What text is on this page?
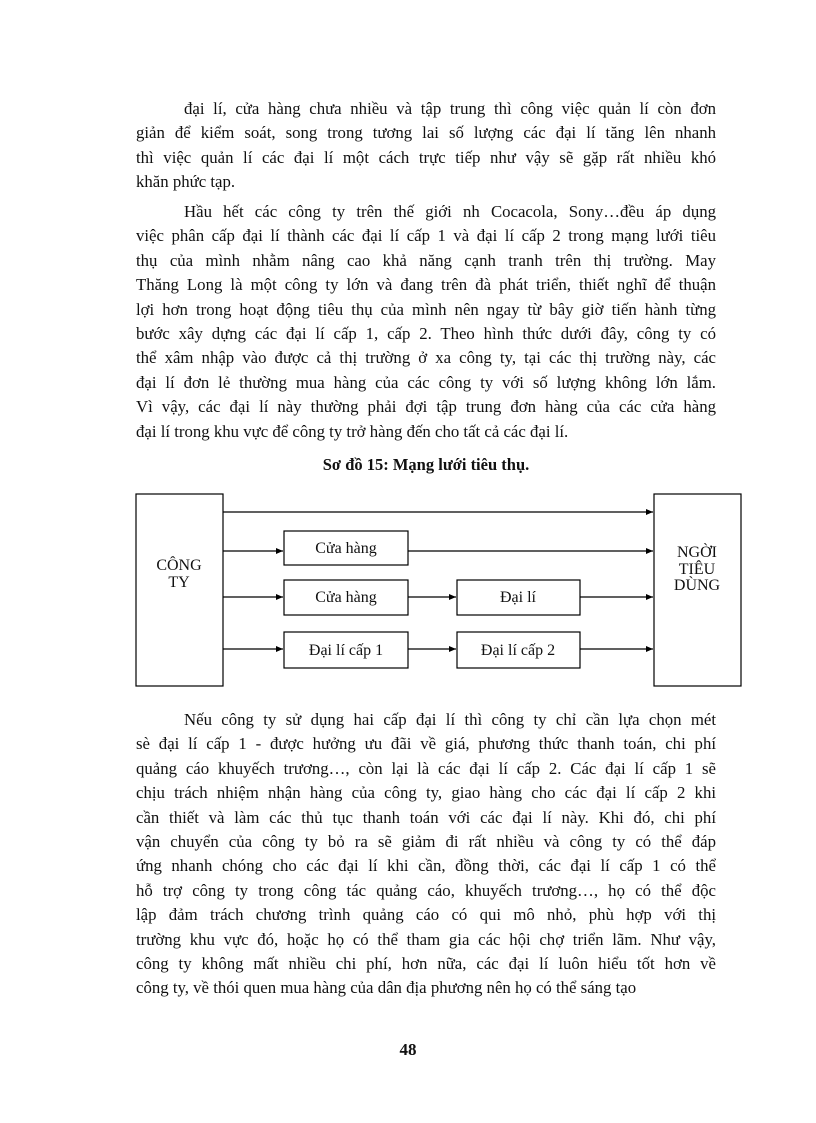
đại lí, cửa hàng chưa nhiều và tập trung thì công việc quản lí còn đơn
giản để kiểm soát, song trong tương lai số lượng các đại lí tăng lên nhanh
thì việc quản lí các đại lí một cách trực tiếp như vậy sẽ gặp rất nhiều khó
khăn phức tạp.
Hầu hết các công ty trên thế giới nh Cocacola, Sony…đều áp dụng
việc phân cấp đại lí thành các đại lí cấp 1 và đại lí cấp 2 trong mạng lưới tiêu
thụ của mình nhằm nâng cao khả năng cạnh tranh trên thị trường. May
Thăng Long là một công ty lớn và đang trên đà phát triển, thiết nghĩ để thuận
lợi hơn trong hoạt động tiêu thụ của mình nên ngay từ bây giờ tiến hành từng
bước xây dựng các đại lí cấp 1, cấp 2. Theo hình thức dưới đây, công ty có
thể xâm nhập vào được cả thị trường ở xa công ty, tại các thị trường này, các
đại lí đơn lẻ thường mua hàng của các công ty với số lượng không lớn lắm.
Vì vậy, các đại lí này thường phải đợi tập trung đơn hàng của các cửa hàng
đại lí trong khu vực để công ty trở hàng đến cho tất cả các đại lí.
Sơ đồ 15: Mạng lưới tiêu thụ.
CÔNG
TY
NGỜI
TIÊU
DÙNG
Cửa hàng
Cửa hàng	Đại lí
Đại lí cấp 1	Đại lí cấp 2
Nếu công ty sử dụng hai cấp đại lí thì công ty chỉ cần lựa chọn mét
sè đại lí cấp 1 - được hưởng ưu đãi về giá, phương thức thanh toán, chi phí
quảng cáo khuyếch trương…, còn lại là các đại lí cấp 2. Các đại lí cấp 1 sẽ
chịu trách nhiệm nhận hàng của công ty, giao hàng cho các đại lí cấp 2 khi
cần thiết và làm các thủ tục thanh toán với các đại lí này. Khi đó, chi phí
vận chuyển của công ty bỏ ra sẽ giảm đi rất nhiều và công ty có thể đáp
ứng nhanh chóng cho các đại lí khi cần, đồng thời, các đại lí cấp 1 có thể
hỗ trợ công ty trong công tác quảng cáo, khuyếch trương…, họ có thể độc
lập đảm trách chương trình quảng cáo có qui mô nhỏ, phù hợp với thị
trường khu vực đó, hoặc họ có thể tham gia các hội chợ triển lãm. Như vậy,
công ty không mất nhiều chi phí, hơn nữa, các đại lí luôn hiểu tốt hơn về
công ty, về thói quen mua hàng của dân địa phương nên họ có thể sáng tạo
48
